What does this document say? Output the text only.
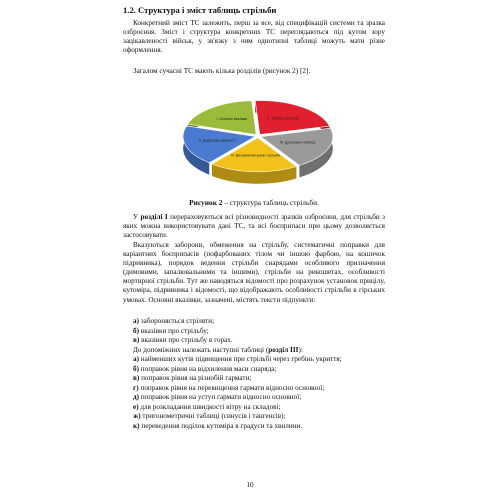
1.2. Структура і зміст таблиць стрільби

Конкретний зміст ТС залежить, перш за все, від специфікацій системи та зразка озброєння. Зміст і структура конкретних ТС переглядаються під кутом зору зацікавленості військ, у зв'язку з чим однотипні таблиці можуть мати різне оформлення.

Загалом сучасні ТС мають кілька розділів (рисунок 2) [2].

II. Таблиці стрільби
III. Допоміжні таблиці
IV. Визначення умов стрільби
V. Додаткові відомості
I. Основні вказівки
Рисунок 2 – структура таблиць стрільби.

У розділі I перераховуються всі різновидності зразків озброєння, для стрільби з яких можна використовувати дані ТС, та всі боєприпаси при цьому дозволяється застосовувати.

Вказуються заборони, обмеження на стрільбу, систематичні поправки для варіантних боєприпасів (пофарбованих тілом чи іншою фарбою, на кошичок підривника), порядок ведення стрільби снарядами особливого призначення (димовими, запалювальними та іншими), стрільби на рикошетах, особливості мортирної стрільби. Тут же наводяться відомості про розрахунок установок прицілу, кутоміра, підривника і відомості, що відображають особливості стрільби в гірських умовах. Основні вказівки, зазначені, містять тексти підпункти:

а) забороняється стріляти;
б) вказівки про стрільбу;
в) вказівки про стрільбу в горах.
До допоміжних належать наступні таблиці (розділ III):
а) найменших кутів підвищення при стрільбі через гребінь укриття;
б) поправок рівня на відхилення маси снаряда;
в) поправок рівня на різнобій гармати;
г) поправок рівня на перевищення гармати відносно основної;
д) поправок рівня на уступ гармати відносно основної;
е) для розкладання швидкості вітру на складові;
ж) тригонометричні таблиці (синусів і тангенсів);
к) переведення поділок кутоміра в градуси та хвилини.
10
